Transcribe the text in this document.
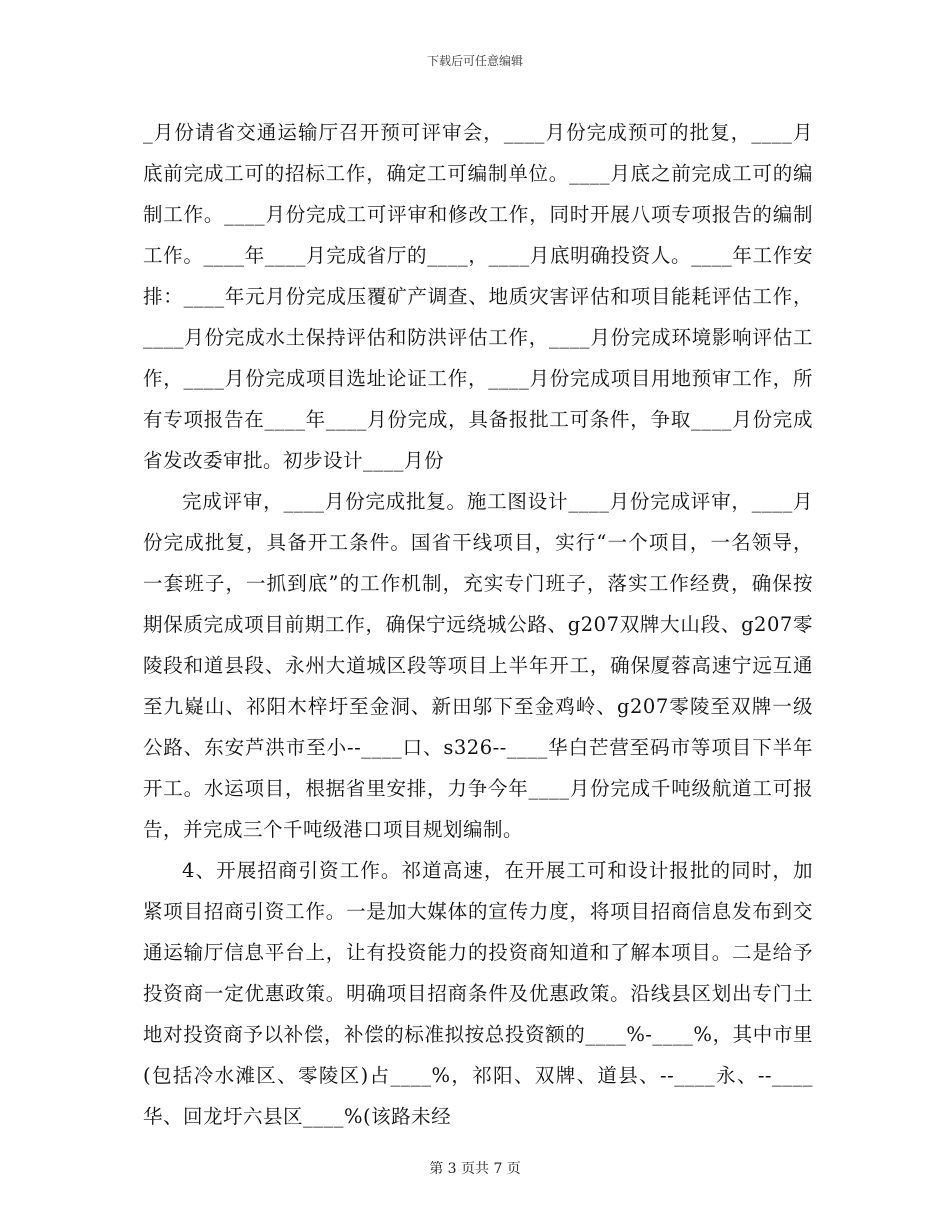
下载后可任意编辑

_月份请省交通运输厅召开预可评审会，____月份完成预可的批复，____月底前完成工可的招标工作，确定工可编制单位。____月底之前完成工可的编制工作。____月份完成工可评审和修改工作，同时开展八项专项报告的编制工作。____年____月完成省厅的____，____月底明确投资人。____年工作安排：____年元月份完成压覆矿产调查、地质灾害评估和项目能耗评估工作，____月份完成水土保持评估和防洪评估工作，____月份完成环境影响评估工作，____月份完成项目选址论证工作，____月份完成项目用地预审工作，所有专项报告在____年____月份完成，具备报批工可条件，争取____月份完成省发改委审批。初步设计____月份

完成评审，____月份完成批复。施工图设计____月份完成评审，____月份完成批复，具备开工条件。国省干线项目，实行“一个项目，一名领导，一套班子，一抓到底”的工作机制，充实专门班子，落实工作经费，确保按期保质完成项目前期工作，确保宁远绕城公路、g207双牌大山段、g207零陵段和道县段、永州大道城区段等项目上半年开工，确保厦蓉高速宁远互通至九嶷山、祁阳木梓圩至金洞、新田邬下至金鸡岭、g207零陵至双牌一级公路、东安芦洪市至小--____口、s326--____华白芒营至码市等项目下半年开工。水运项目，根据省里安排，力争今年____月份完成千吨级航道工可报告，并完成三个千吨级港口项目规划编制。

4、开展招商引资工作。祁道高速，在开展工可和设计报批的同时，加紧项目招商引资工作。一是加大媒体的宣传力度，将项目招商信息发布到交通运输厅信息平台上，让有投资能力的投资商知道和了解本项目。二是给予投资商一定优惠政策。明确项目招商条件及优惠政策。沿线县区划出专门土地对投资商予以补偿，补偿的标准拟按总投资额的____%-____%，其中市里(包括冷水滩区、零陵区)占____%，祁阳、双牌、道县、--____永、--____华、回龙圩六县区____%(该路未经

第 3 页共 7 页
